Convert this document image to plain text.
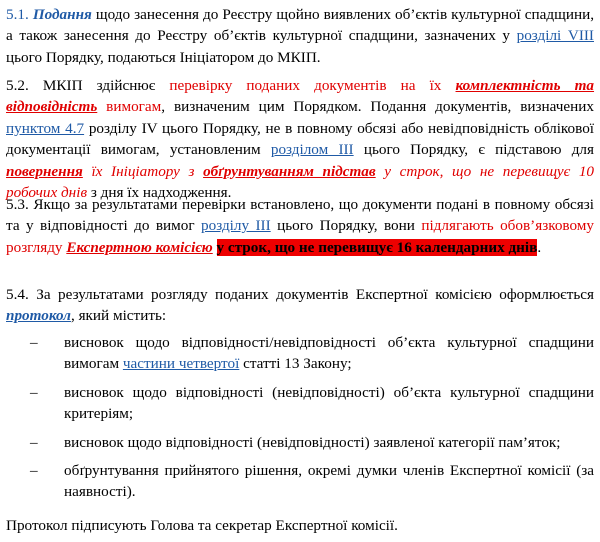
5.1. Подання щодо занесення до Реєстру щойно виявлених об’єктів культурної спадщини, а також занесення до Реєстру об’єктів культурної спадщини, зазначених у розділі VIII цього Порядку, подаються Ініціатором до МКІП.

5.2. МКІП здійснює перевірку поданих документів на їх комплектність та відповідність вимогам, визначеним цим Порядком. Подання документів, визначених пунктом 4.7 розділу IV цього Порядку, не в повному обсязі або невідповідність облікової документації вимогам, установленим розділом III цього Порядку, є підставою для повернення їх Ініціатору з обґрунтуванням підстав у строк, що не перевищує 10 робочих днів з дня їх надходження.

5.3. Якщо за результатами перевірки встановлено, що документи подані в повному обсязі та у відповідності до вимог розділу III цього Порядку, вони підлягають обов’язковому розгляду Експертною комісією у строк, що не перевищує 16 календарних днів.

5.4. За результатами розгляду поданих документів Експертної комісією оформлюється протокол, який містить:

– висновок щодо відповідності/невідповідності об’єкта культурної спадщини вимогам частини четвертої статті 13 Закону;

– висновок щодо відповідності (невідповідності) об’єкта культурної спадщини критеріям;

– висновок щодо відповідності (невідповідності) заявленої категорії пам’яток;

– обґрунтування прийнятого рішення, окремі думки членів Експертної комісії (за наявності).

Протокол підписують Голова та секретар Експертної комісії.
